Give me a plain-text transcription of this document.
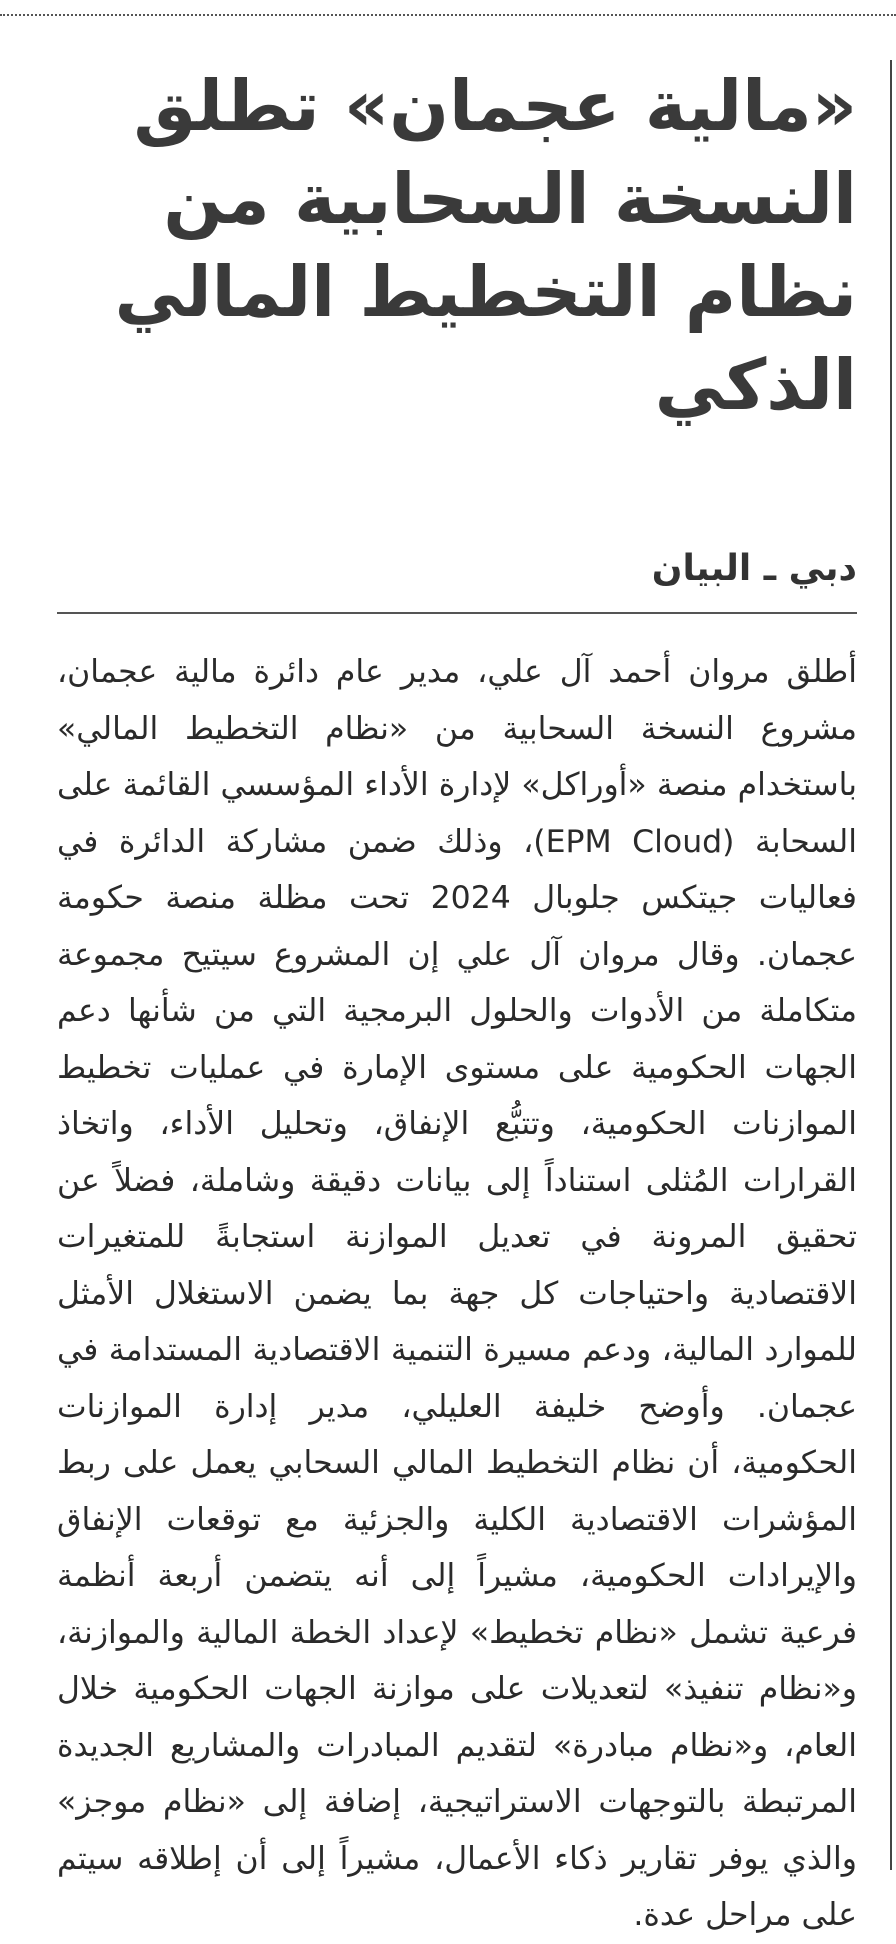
«مالية عجمان» تطلق النسخة السحابية من نظام التخطيط المالي الذكي
دبي ـ البيان

أطلق مروان أحمد آل علي، مدير عام دائرة مالية عجمان، مشروع النسخة السحابية من «نظام التخطيط المالي» باستخدام منصة «أوراكل» لإدارة الأداء المؤسسي القائمة على السحابة (EPM Cloud)، وذلك ضمن مشاركة الدائرة في فعاليات جيتكس جلوبال 2024 تحت مظلة منصة حكومة عجمان. وقال مروان آل علي إن المشروع سيتيح مجموعة متكاملة من الأدوات والحلول البرمجية التي من شأنها دعم الجهات الحكومية على مستوى الإمارة في عمليات تخطيط الموازنات الحكومية، وتتبُّع الإنفاق، وتحليل الأداء، واتخاذ القرارات المُثلى استناداً إلى بيانات دقيقة وشاملة، فضلاً عن تحقيق المرونة في تعديل الموازنة استجابةً للمتغيرات الاقتصادية واحتياجات كل جهة بما يضمن الاستغلال الأمثل للموارد المالية، ودعم مسيرة التنمية الاقتصادية المستدامة في عجمان. وأوضح خليفة العليلي، مدير إدارة الموازنات الحكومية، أن نظام التخطيط المالي السحابي يعمل على ربط المؤشرات الاقتصادية الكلية والجزئية مع توقعات الإنفاق والإيرادات الحكومية، مشيراً إلى أنه يتضمن أربعة أنظمة فرعية تشمل «نظام تخطيط» لإعداد الخطة المالية والموازنة، و«نظام تنفيذ» لتعديلات على موازنة الجهات الحكومية خلال العام، و«نظام مبادرة» لتقديم المبادرات والمشاريع الجديدة المرتبطة بالتوجهات الاستراتيجية، إضافة إلى «نظام موجز» والذي يوفر تقارير ذكاء الأعمال، مشيراً إلى أن إطلاقه سيتم على مراحل عدة.
